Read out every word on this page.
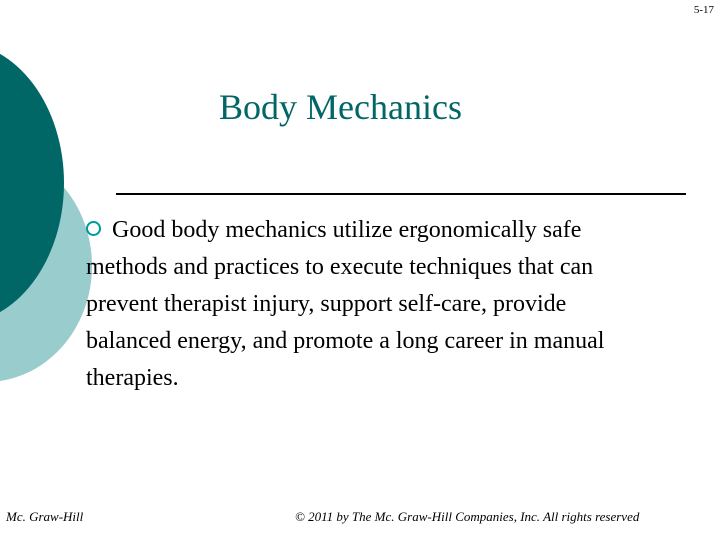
5-17
Body Mechanics
Good body mechanics utilize ergonomically safe methods and practices to execute techniques that can prevent therapist injury, support self-care, provide balanced energy, and promote a long career in manual therapies.
Mc. Graw-Hill	© 2011 by The Mc. Graw-Hill Companies, Inc. All rights reserved
